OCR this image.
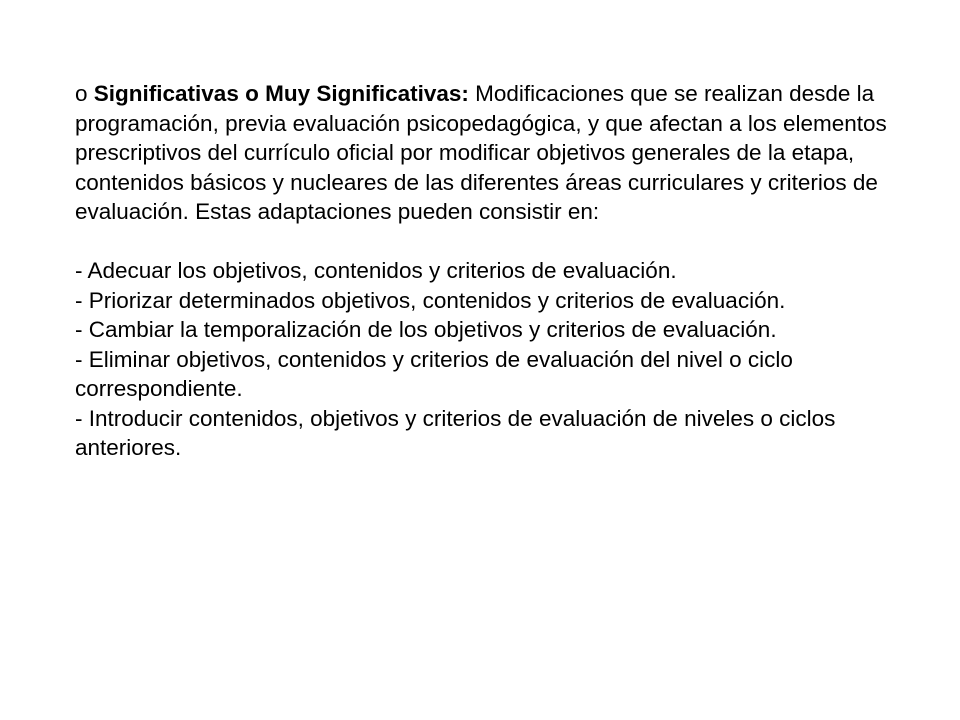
o Significativas o Muy Significativas: Modificaciones que se realizan desde la programación, previa evaluación psicopedagógica, y que afectan a los elementos prescriptivos del currículo oficial por modificar objetivos generales de la etapa, contenidos básicos y nucleares de las diferentes áreas curriculares y criterios de evaluación. Estas adaptaciones pueden consistir en:

- Adecuar los objetivos, contenidos y criterios de evaluación.

- Priorizar determinados objetivos, contenidos y criterios de evaluación.

- Cambiar la temporalización de los objetivos y criterios de evaluación.

- Eliminar objetivos, contenidos y criterios de evaluación del nivel o ciclo correspondiente.

- Introducir contenidos, objetivos y criterios de evaluación de niveles o ciclos anteriores.
